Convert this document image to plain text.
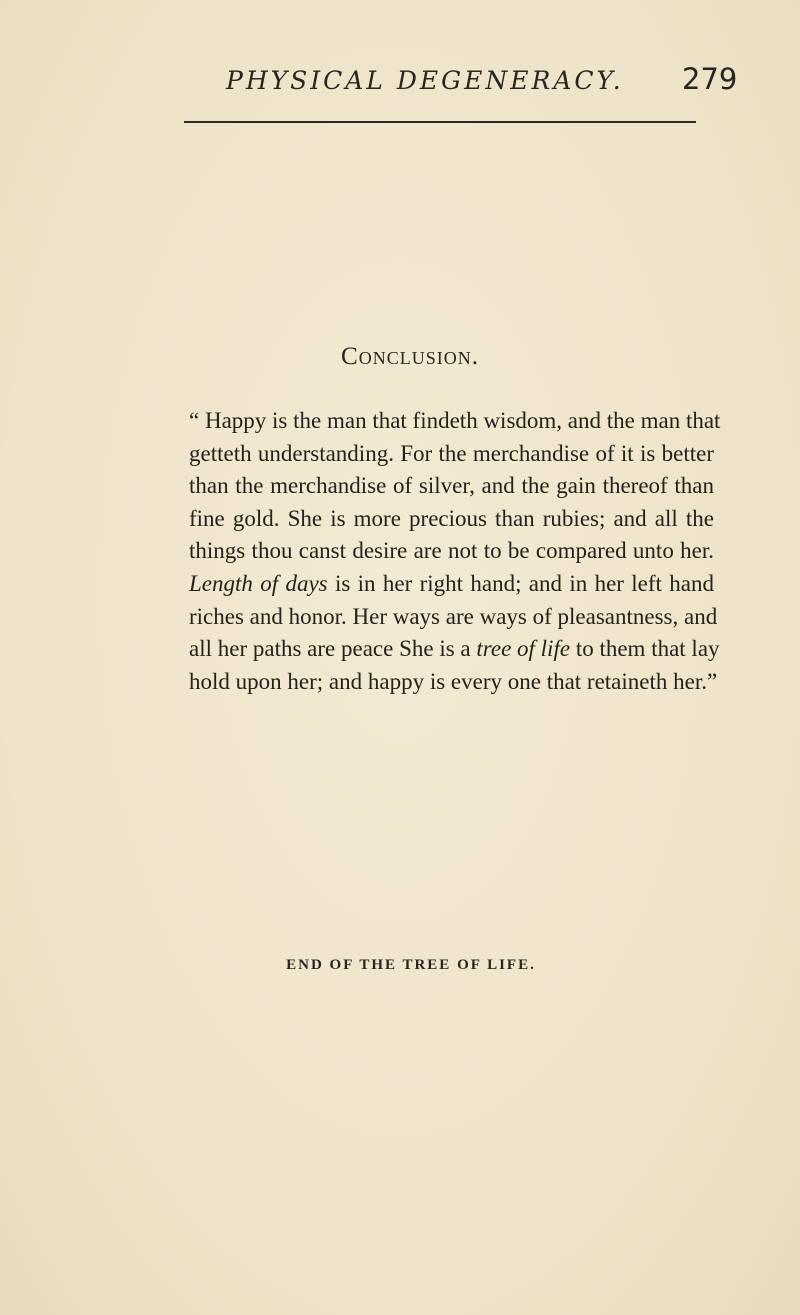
PHYSICAL DEGENERACY. 279
Conclusion.
“ Happy is the man that findeth wisdom, and the man that
getteth understanding. For the merchandise of it is better
than the merchandise of silver, and the gain thereof than
fine gold. She is more precious than rubies; and all the
things thou canst desire are not to be compared unto her.
Length of days is in her right hand; and in her left hand
riches and honor. Her ways are ways of pleasantness, and
all her paths are peace She is a tree of life to them that lay
hold upon her; and happy is every one that retaineth her.”
END OF THE TREE OF LIFE.
